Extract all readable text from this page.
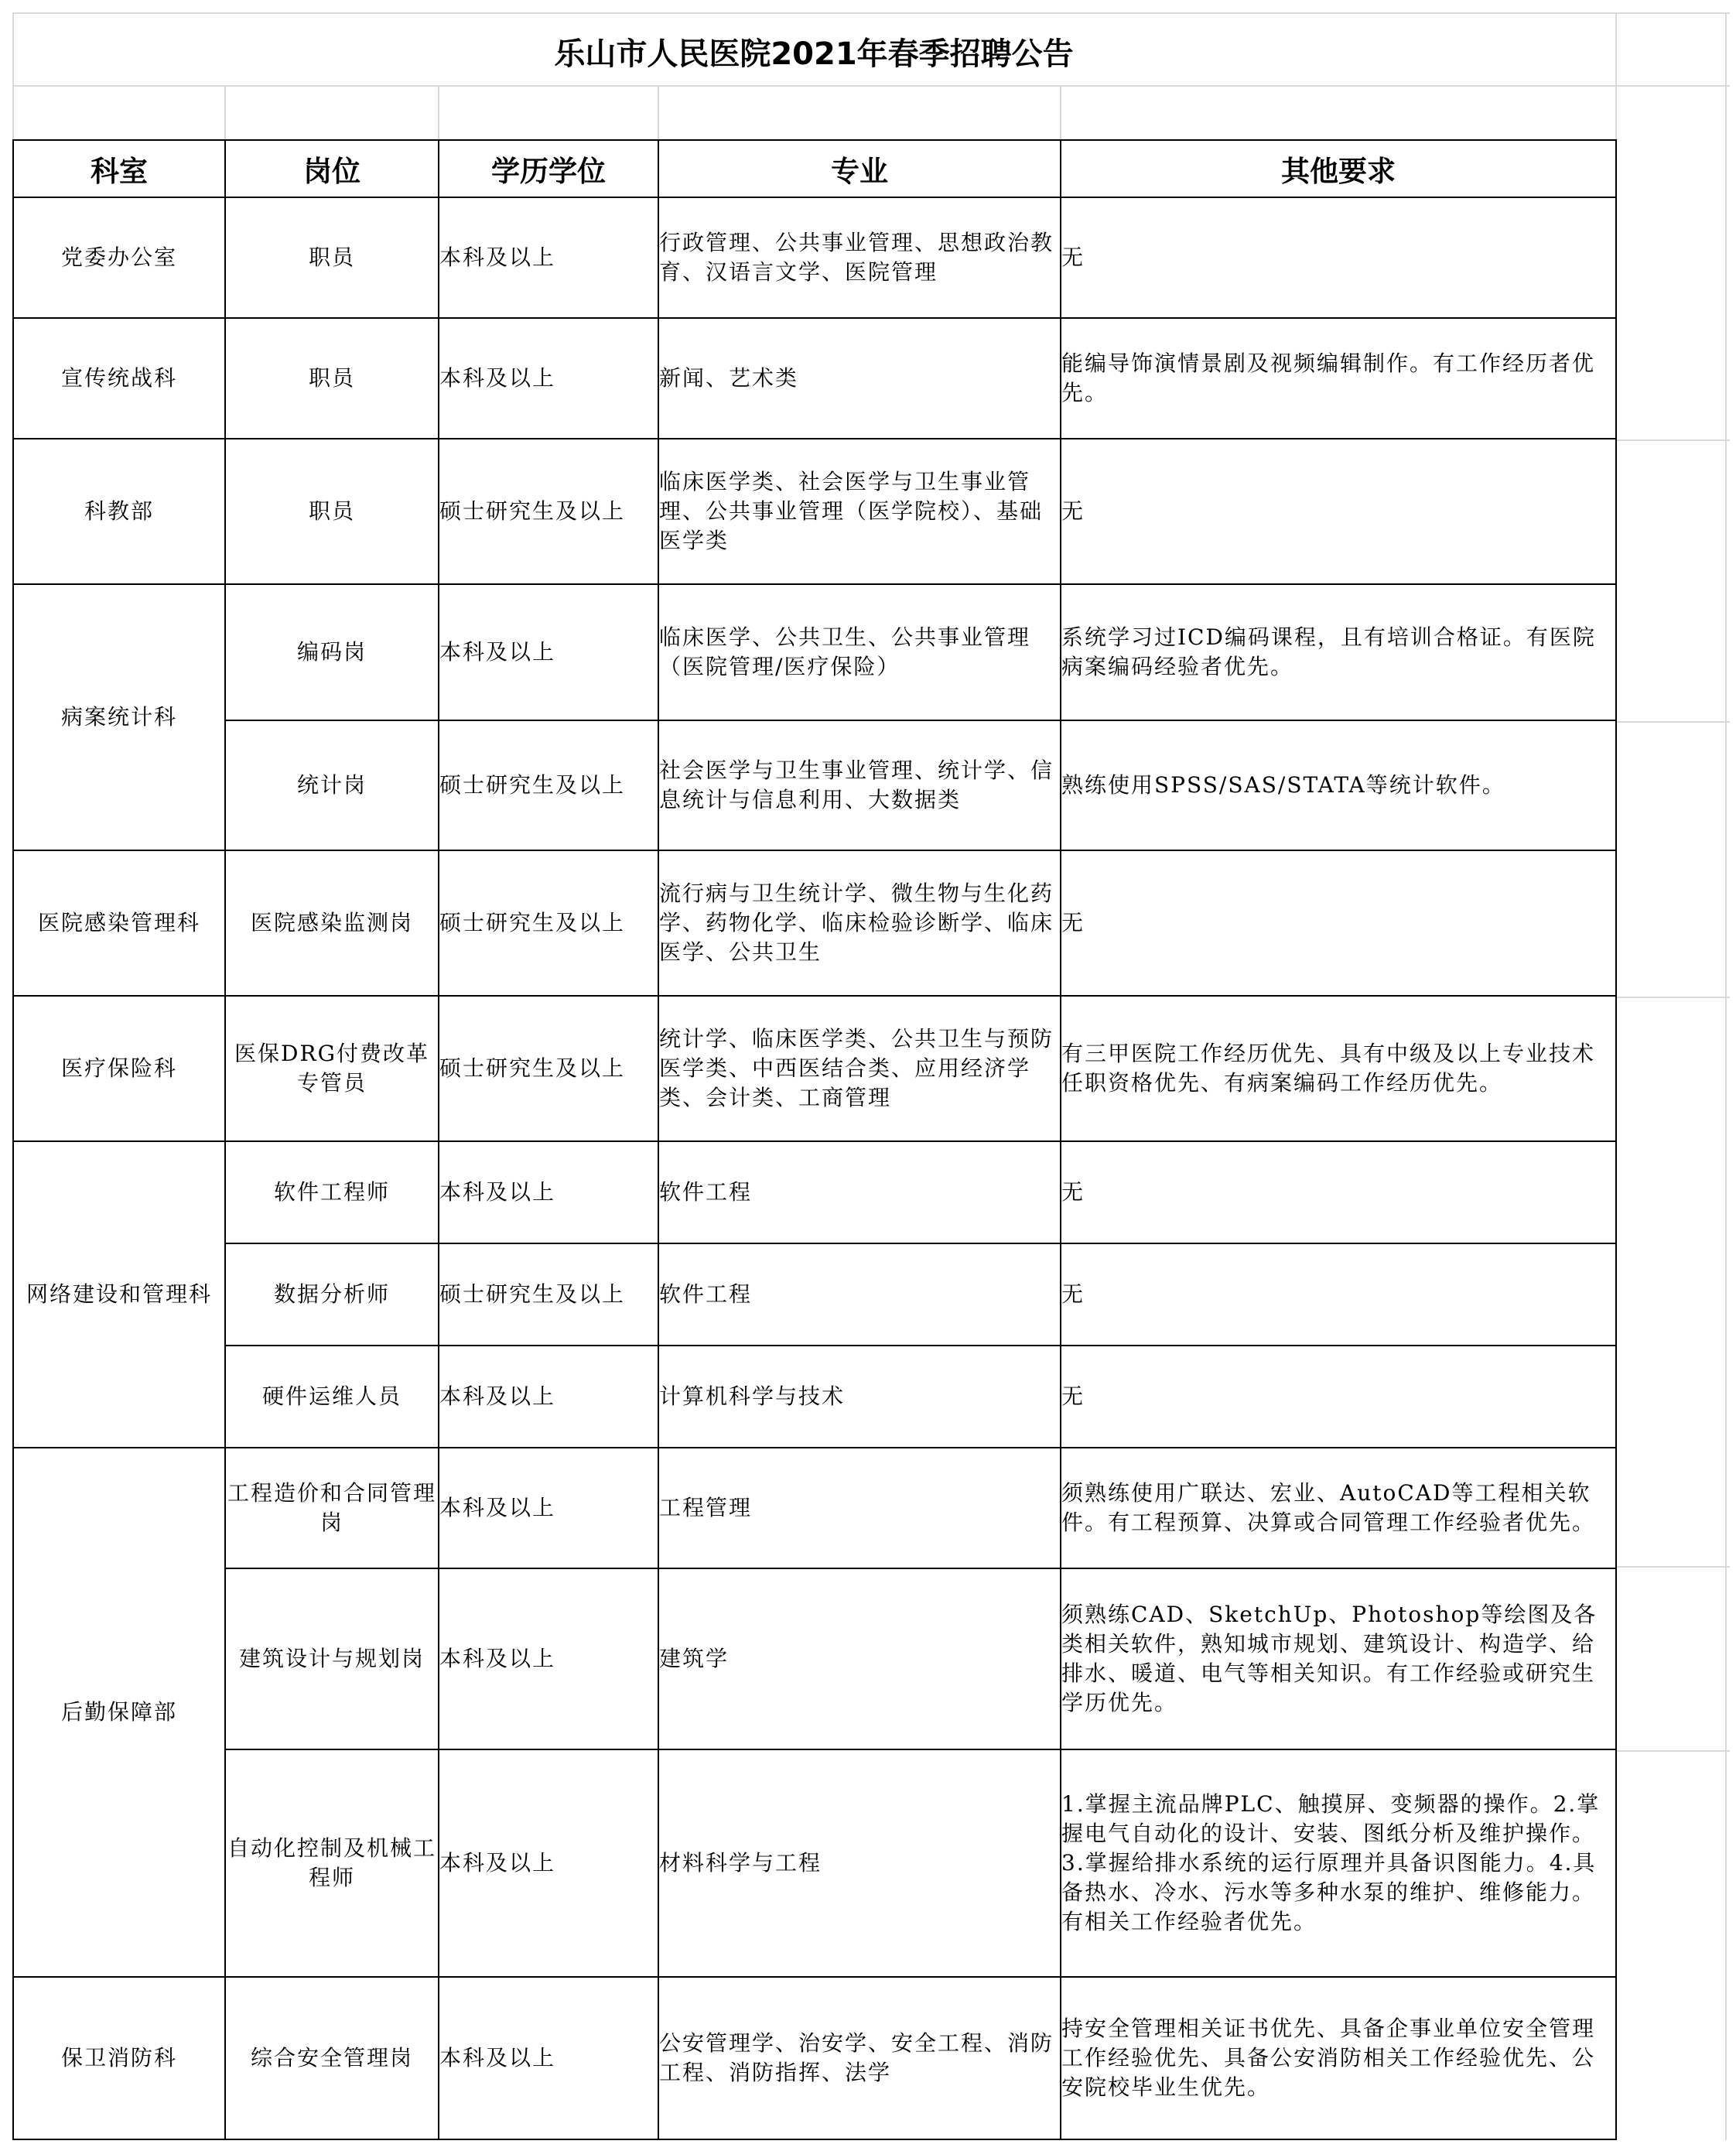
乐山市人民医院2021年春季招聘公告
科室	岗位	学历学位	专业	其他要求
党委办公室	职员	本科及以上	行政管理、公共事业管理、思想政治教育、汉语言文学、医院管理	无
宣传统战科	职员	本科及以上	新闻、艺术类	能编导饰演情景剧及视频编辑制作。有工作经历者优先。
科教部	职员	硕士研究生及以上	临床医学类、社会医学与卫生事业管理、公共事业管理（医学院校）、基础医学类	无
病案统计科	编码岗	本科及以上	临床医学、公共卫生、公共事业管理（医院管理/医疗保险）	系统学习过ICD编码课程，且有培训合格证。有医院病案编码经验者优先。
	统计岗	硕士研究生及以上	社会医学与卫生事业管理、统计学、信息统计与信息利用、大数据类	熟练使用SPSS/SAS/STATA等统计软件。
医院感染管理科	医院感染监测岗	硕士研究生及以上	流行病与卫生统计学、微生物与生化药学、药物化学、临床检验诊断学、临床医学、公共卫生	无
医疗保险科	医保DRG付费改革专管员	硕士研究生及以上	统计学、临床医学类、公共卫生与预防医学类、中西医结合类、应用经济学类、会计类、工商管理	有三甲医院工作经历优先、具有中级及以上专业技术任职资格优先、有病案编码工作经历优先。
网络建设和管理科	软件工程师	本科及以上	软件工程	无
	数据分析师	硕士研究生及以上	软件工程	无
	硬件运维人员	本科及以上	计算机科学与技术	无
后勤保障部	工程造价和合同管理岗	本科及以上	工程管理	须熟练使用广联达、宏业、AutoCAD等工程相关软件。有工程预算、决算或合同管理工作经验者优先。
	建筑设计与规划岗	本科及以上	建筑学	须熟练CAD、SketchUp、Photoshop等绘图及各类相关软件，熟知城市规划、建筑设计、构造学、给排水、暖道、电气等相关知识。有工作经验或研究生学历优先。
	自动化控制及机械工程师	本科及以上	材料科学与工程	1.掌握主流品牌PLC、触摸屏、变频器的操作。2.掌握电气自动化的设计、安装、图纸分析及维护操作。3.掌握给排水系统的运行原理并具备识图能力。4.具备热水、冷水、污水等多种水泵的维护、维修能力。有相关工作经验者优先。
保卫消防科	综合安全管理岗	本科及以上	公安管理学、治安学、安全工程、消防工程、消防指挥、法学	持安全管理相关证书优先、具备企事业单位安全管理工作经验优先、具备公安消防相关工作经验优先、公安院校毕业生优先。
